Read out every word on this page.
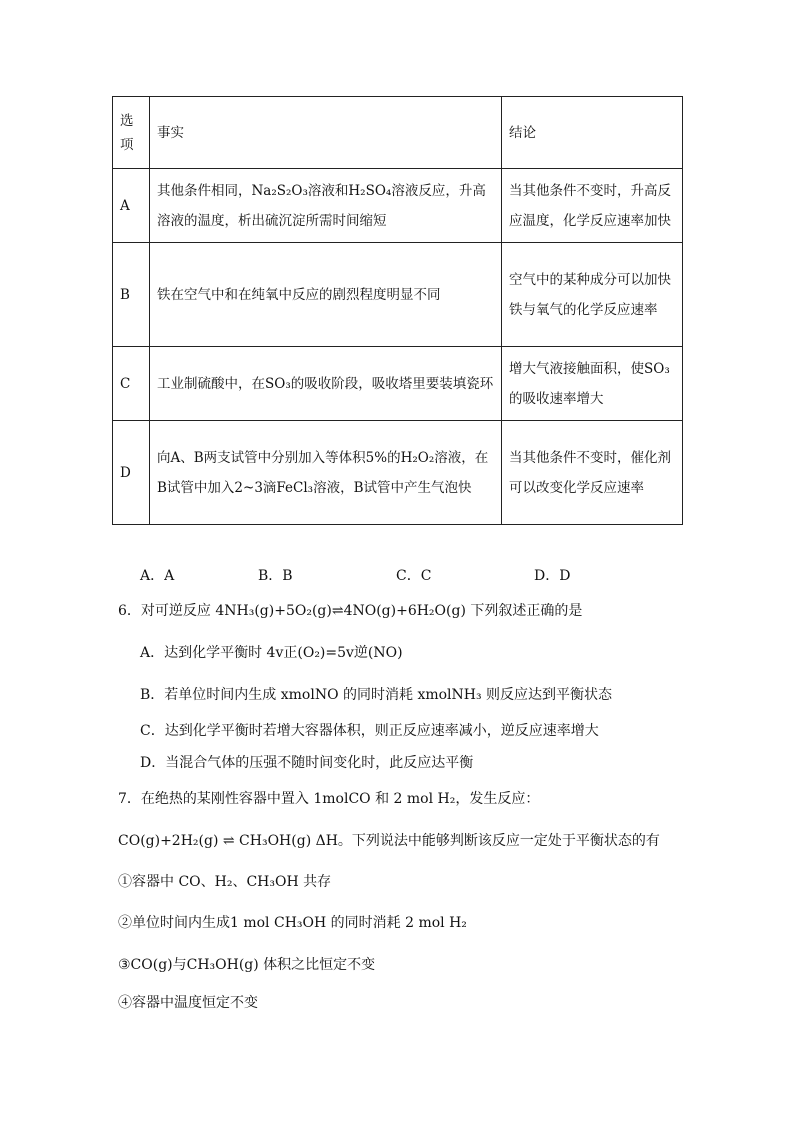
选项	事实	结论
A	其他条件相同，Na₂S₂O₃溶液和H₂SO₄溶液反应，升高溶液的温度，析出硫沉淀所需时间缩短	当其他条件不变时，升高反应温度，化学反应速率加快
B	铁在空气中和在纯氧中反应的剧烈程度明显不同	空气中的某种成分可以加快铁与氧气的化学反应速率
C	工业制硫酸中，在SO₃的吸收阶段，吸收塔里要装填瓷环	增大气液接触面积，使SO₃的吸收速率增大
D	向A、B两支试管中分别加入等体积5%的H₂O₂溶液，在B试管中加入2~3滴FeCl₃溶液，B试管中产生气泡快	当其他条件不变时，催化剂可以改变化学反应速率
A．A	B．B	C．C	D．D
6．对可逆反应 4NH₃(g)+5O₂(g)⇌4NO(g)+6H₂O(g) 下列叙述正确的是
A．达到化学平衡时 4v正(O₂)=5v逆(NO)
B．若单位时间内生成 xmolNO 的同时消耗 xmolNH₃ 则反应达到平衡状态
C．达到化学平衡时若增大容器体积，则正反应速率减小，逆反应速率增大
D．当混合气体的压强不随时间变化时，此反应达平衡
7．在绝热的某刚性容器中置入 1molCO 和 2 mol H₂，发生反应：
CO(g)+2H₂(g) ⇌ CH₃OH(g) ΔH。下列说法中能够判断该反应一定处于平衡状态的有
①容器中 CO、H₂、CH₃OH 共存
②单位时间内生成1 mol CH₃OH 的同时消耗 2 mol H₂
③CO(g)与CH₃OH(g) 体积之比恒定不变
④容器中温度恒定不变
